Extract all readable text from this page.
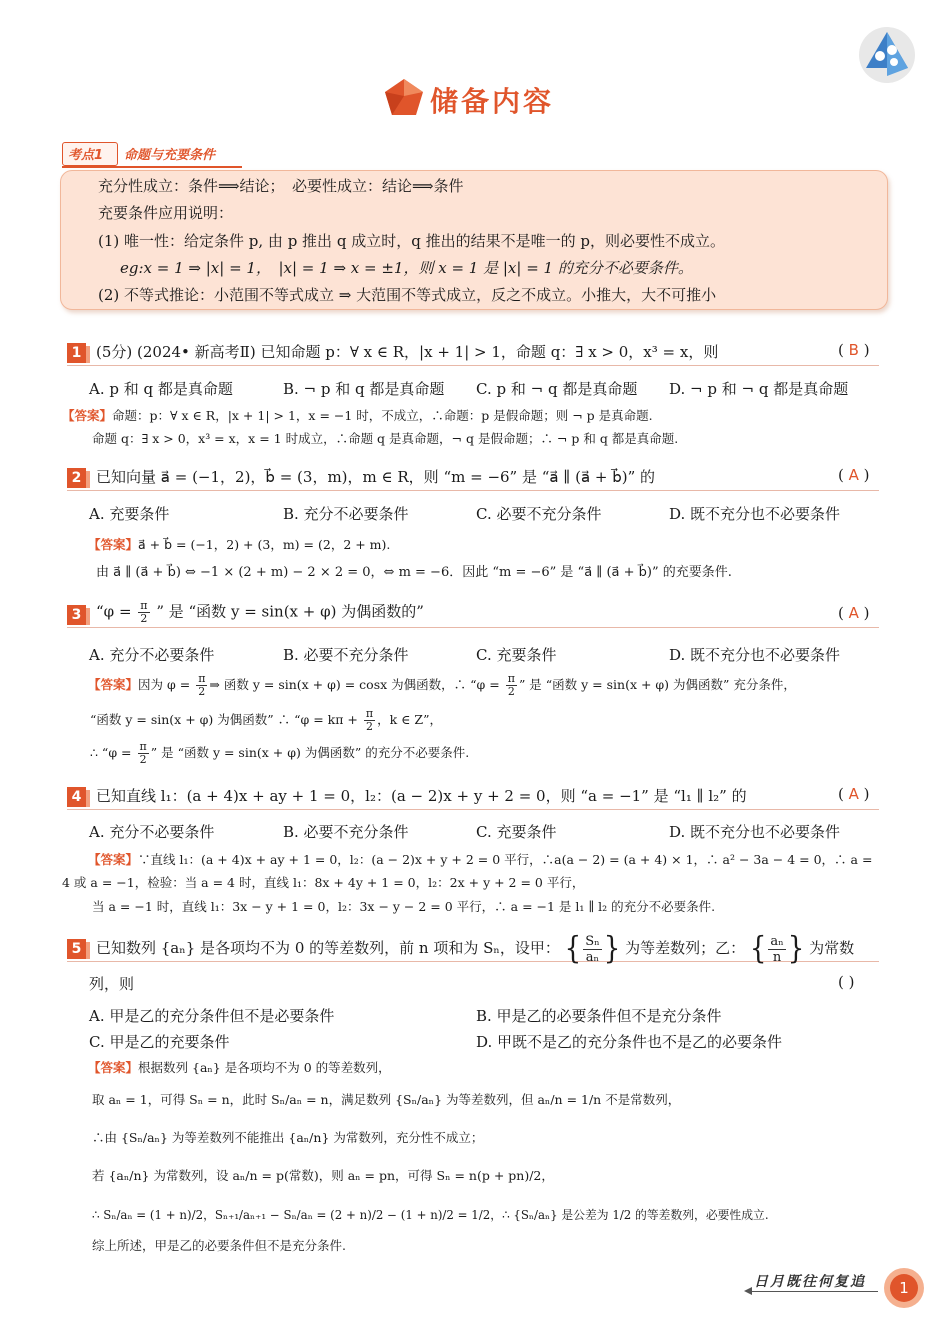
储备内容
考点1 命题与充要条件
充分性成立：条件⟹结论；　必要性成立：结论⟹条件
充要条件应用说明：
(1) 唯一性：给定条件 p, 由 p 推出 q 成立时，q 推出的结果不是唯一的 p，则必要性不成立。
eg:x = 1 ⇒ |x| = 1，　|x| = 1 ⇒ x = ±1，则 x = 1 是 |x| = 1 的充分不必要条件。
(2) 不等式推论：小范围不等式成立 ⇒ 大范围不等式成立，反之不成立。小推大，大不可推小
1 (5分) (2024• 新高考Ⅱ) 已知命题 p：∀ x ∈ R，|x + 1| > 1，命题 q：∃ x > 0，x³ = x，则	( B )
A. p 和 q 都是真命题	B. ¬ p 和 q 都是真命题 C. p 和 ¬ q 都是真命题 D. ¬ p 和 ¬ q 都是真命题
【答案】命题：p：∀ x ∈ R，|x + 1| > 1，x = −1 时，不成立，∴命题：p 是假命题；则 ¬ p 是真命题.
命题 q：∃ x > 0，x³ = x，x = 1 时成立，∴命题 q 是真命题，¬ q 是假命题；∴ ¬ p 和 q 都是真命题.
2 已知向量 a⃗ = (−1，2)，b⃗ = (3，m)，m ∈ R，则 “m = −6” 是 “a⃗ ∥ (a⃗ + b⃗)” 的	( A )
A. 充要条件	B. 充分不必要条件	C. 必要不充分条件	D. 既不充分也不必要条件
【答案】a⃗ + b⃗ = (−1，2) + (3，m) = (2，2 + m).
由 a⃗ ∥ (a⃗ + b⃗) ⇔ −1 × (2 + m) − 2 × 2 = 0，⇔ m = −6．因此 “m = −6” 是 “a⃗ ∥ (a⃗ + b⃗)” 的充要条件.
3 “$\varphi = \frac{\pi}{2}$ ” 是 “函数 y = sin(x + φ) 为偶函数的”	( A )
A. 充分不必要条件	B. 必要不充分条件	C. 充要条件	D. 既不充分也不必要条件
【答案】因为 $\varphi = \frac{\pi}{2}$ ⇒ 函数 y = sin(x + φ) = cosx 为偶函数，∴ “$\varphi = \frac{\pi}{2}$ ” 是 “函数 y = sin(x + φ) 为偶函数” 充分条件，
“函数 y = sin(x + φ) 为偶函数” ∴ “$\varphi = k\pi + \frac{\pi}{2}$ ，k ∈ Z”，
∴ “$\varphi = \frac{\pi}{2}$ ” 是 “函数 y = sin(x + φ) 为偶函数” 的充分不必要条件.
4 已知直线 l₁：(a + 4)x + ay + 1 = 0，l₂：(a − 2)x + y + 2 = 0，则 “a = −1” 是 “l₁ ∥ l₂” 的	( A )
A. 充分不必要条件	B. 必要不充分条件	C. 充要条件	D. 既不充分也不必要条件
【答案】∵直线 l₁：(a + 4)x + ay + 1 = 0，l₂：(a − 2)x + y + 2 = 0 平行，∴a(a − 2) = (a + 4) × 1，∴ a² − 3a − 4 = 0，∴ a =
4 或 a = −1，检验：当 a = 4 时，直线 l₁：8x + 4y + 1 = 0，l₂：2x + y + 2 = 0 平行，
当 a = −1 时，直线 l₁：3x − y + 1 = 0，l₂：3x − y − 2 = 0 平行，∴ a = −1 是 l₁ ∥ l₂ 的充分不必要条件.
5 已知数列 {aₙ} 是各项均不为 0 的等差数列，前 n 项和为 Sₙ，设甲： { $\frac{\text{Sₙ}}{\text{aₙ}}$ } 为等差数列；乙： { $\frac{\text{aₙ}}{n}$ } 为常数
列，则	( )
A. 甲是乙的充分条件但不是必要条件	B. 甲是乙的必要条件但不是充分条件
C. 甲是乙的充要条件	D. 甲既不是乙的充分条件也不是乙的必要条件
【答案】根据数列 {aₙ} 是各项均不为 0 的等差数列，
取 aₙ = 1，可得 Sₙ = n，此时 Sₙ/aₙ = n，满足数列 {Sₙ/aₙ} 为等差数列，但 aₙ/n = 1/n 不是常数列，
∴由 {Sₙ/aₙ} 为等差数列不能推出 {aₙ/n} 为常数列，充分性不成立；
若 {aₙ/n} 为常数列，设 aₙ/n = p(常数)，则 aₙ = pn，可得 Sₙ = n(p + pn)/2，
∴ Sₙ/aₙ = (1 + n)/2，Sₙ₊₁/aₙ₊₁ − Sₙ/aₙ = (2 + n)/2 − (1 + n)/2 = 1/2，∴ {Sₙ/aₙ} 是公差为 1/2 的等差数列，必要性成立.
综上所述，甲是乙的必要条件但不是充分条件.
日月既往何复追	1
